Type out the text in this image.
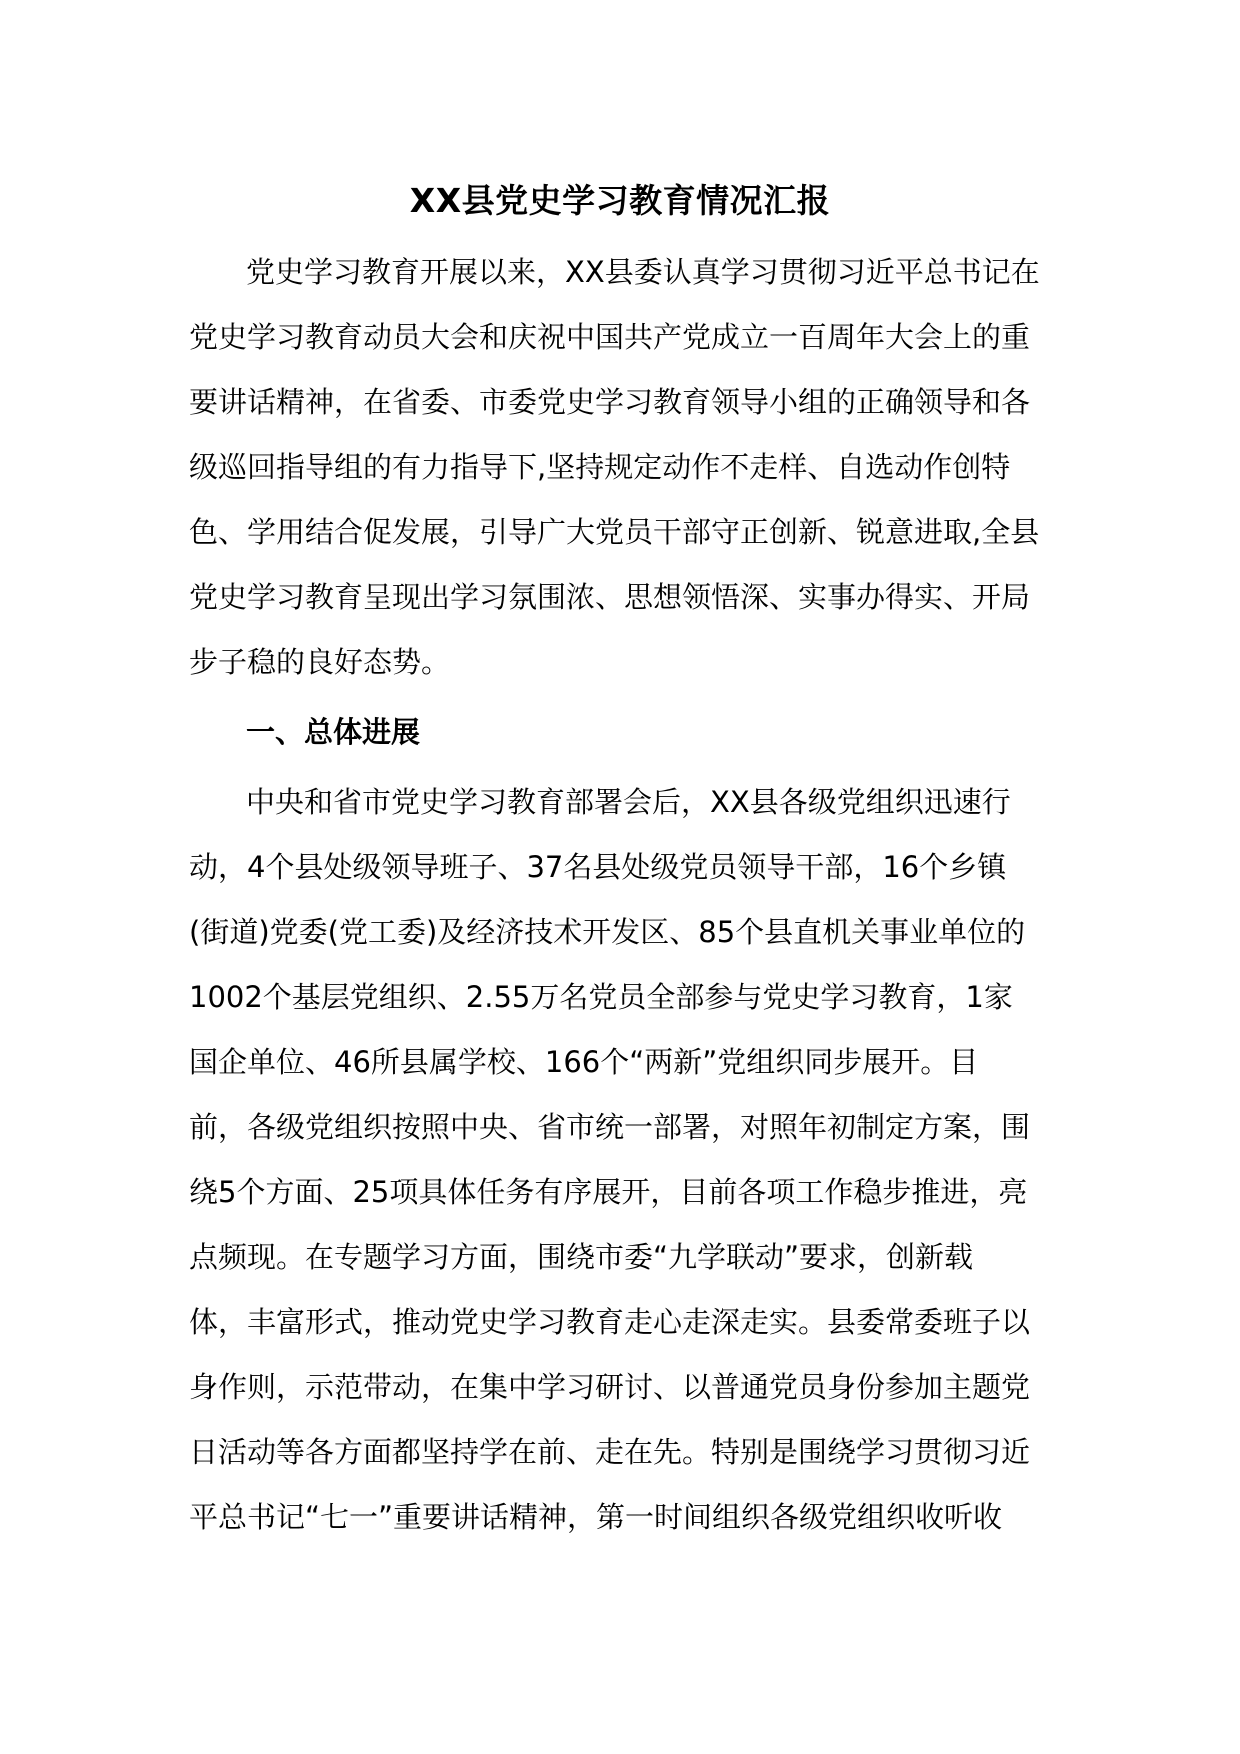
XX县党史学习教育情况汇报

党史学习教育开展以来，XX县委认真学习贯彻习近平总书记在

党史学习教育动员大会和庆祝中国共产党成立一百周年大会上的重

要讲话精神，在省委、市委党史学习教育领导小组的正确领导和各

级巡回指导组的有力指导下,坚持规定动作不走样、自选动作创特

色、学用结合促发展，引导广大党员干部守正创新、锐意进取,全县

党史学习教育呈现出学习氛围浓、思想领悟深、实事办得实、开局

步子稳的良好态势。

一、总体进展

中央和省市党史学习教育部署会后，XX县各级党组织迅速行

动，4个县处级领导班子、37名县处级党员领导干部，16个乡镇

(街道)党委(党工委)及经济技术开发区、85个县直机关事业单位的

1002个基层党组织、2.55万名党员全部参与党史学习教育，1家

国企单位、46所县属学校、166个“两新”党组织同步展开。目

前，各级党组织按照中央、省市统一部署，对照年初制定方案，围

绕5个方面、25项具体任务有序展开，目前各项工作稳步推进，亮

点频现。在专题学习方面，围绕市委“九学联动”要求，创新载

体，丰富形式，推动党史学习教育走心走深走实。县委常委班子以

身作则，示范带动，在集中学习研讨、以普通党员身份参加主题党

日活动等各方面都坚持学在前、走在先。特别是围绕学习贯彻习近

平总书记“七一”重要讲话精神，第一时间组织各级党组织收听收
